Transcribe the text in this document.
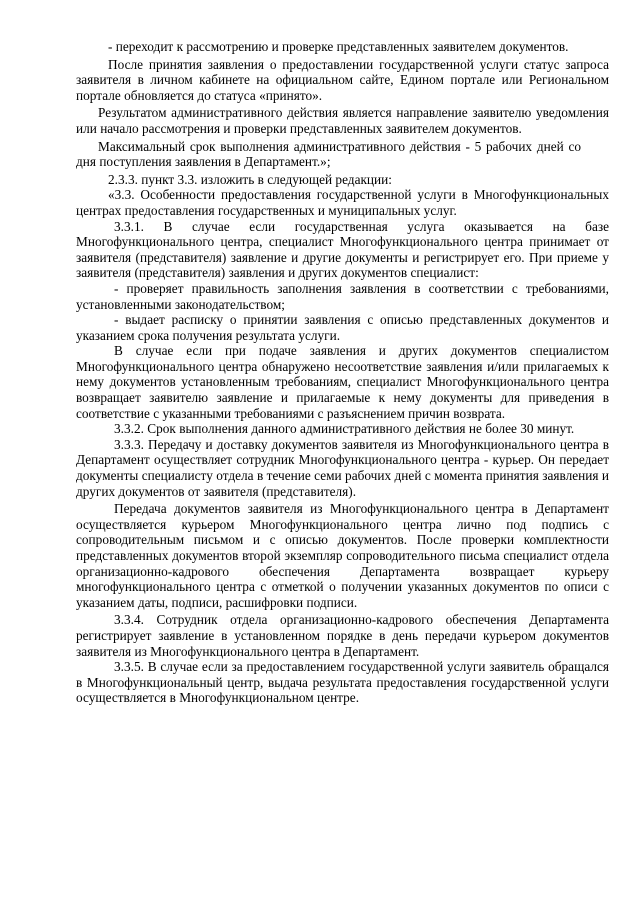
- переходит к рассмотрению и проверке представленных заявителем документов.

После принятия заявления о предоставлении государственной услуги статус запроса заявителя в личном кабинете на официальном сайте, Едином портале или Региональном портале обновляется до статуса «принято».

Результатом административного действия является направление заявителю уведомления или начало рассмотрения и проверки представленных заявителем документов.

Максимальный срок выполнения административного действия - 5 рабочих дней со дня поступления заявления в Департамент.»;

2.3.3. пункт 3.3. изложить в следующей редакции:

«3.3. Особенности предоставления государственной услуги в Многофункциональных центрах предоставления государственных и муниципальных услуг.

3.3.1. В случае если государственная услуга оказывается на базе Многофункционального центра, специалист Многофункционального центра принимает от заявителя (представителя) заявление и другие документы и регистрирует его. При приеме у заявителя (представителя) заявления и других документов специалист:

- проверяет правильность заполнения заявления в соответствии с требованиями, установленными законодательством;

- выдает расписку о принятии заявления с описью представленных документов и указанием срока получения результата услуги.

В случае если при подаче заявления и других документов специалистом Многофункционального центра обнаружено несоответствие заявления и/или прилагаемых к нему документов установленным требованиям, специалист Многофункционального центра возвращает заявителю заявление и прилагаемые к нему документы для приведения в соответствие с указанными требованиями с разъяснением причин возврата.

3.3.2. Срок выполнения данного административного действия не более 30 минут.

3.3.3. Передачу и доставку документов заявителя из Многофункционального центра в Департамент осуществляет сотрудник Многофункционального центра - курьер. Он передает документы специалисту отдела в течение семи рабочих дней с момента принятия заявления и других документов от заявителя (представителя).

Передача документов заявителя из Многофункционального центра в Департамент осуществляется курьером Многофункционального центра лично под подпись с сопроводительным письмом и с описью документов. После проверки комплектности представленных документов второй экземпляр сопроводительного письма специалист отдела организационно-кадрового обеспечения Департамента возвращает курьеру многофункционального центра с отметкой о получении указанных документов по описи с указанием даты, подписи, расшифровки подписи.

3.3.4. Сотрудник отдела организационно-кадрового обеспечения Департамента регистрирует заявление в установленном порядке в день передачи курьером документов заявителя из Многофункционального центра в Департамент.

3.3.5. В случае если за предоставлением государственной услуги заявитель обращался в Многофункциональный центр, выдача результата предоставления государственной услуги осуществляется в Многофункциональном центре.
